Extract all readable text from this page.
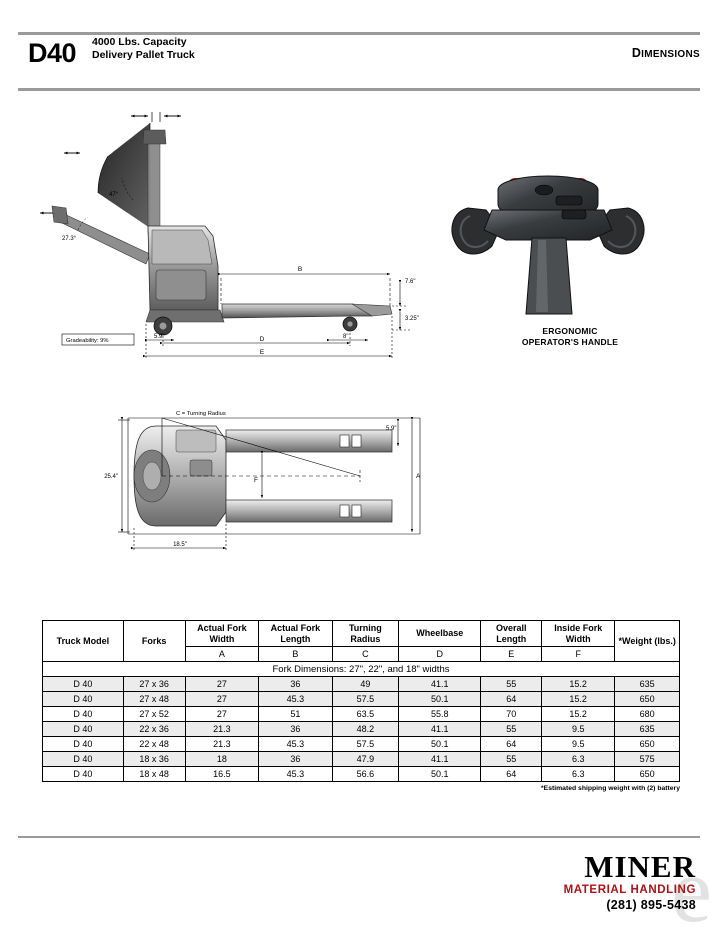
D40 4000 Lbs. Capacity
Delivery Pallet Truck	DIMENSIONS
47°
27.3°
B
7.6"
3.25"
D
E
5.9"	8"
Gradeability: 9%
C = Turning Radius
F
A
5.9"
25.4"
18.5"
ERGONOMIC
OPERATOR'S HANDLE
Truck Model	Forks	Actual Fork Width	Actual Fork Length	Turning Radius	Wheelbase	Overall Length	Inside Fork Width	*Weight (lbs.)
		A	B	C	D	E	F	
Fork Dimensions: 27", 22", and 18" widths								
D 40	27 x 36	27	36	49	41.1	55	15.2	635
D 40	27 x 48	27	45.3	57.5	50.1	64	15.2	650
D 40	27 x 52	27	51	63.5	55.8	70	15.2	680
D 40	22 x 36	21.3	36	48.2	41.1	55	9.5	635
D 40	22 x 48	21.3	45.3	57.5	50.1	64	9.5	650
D 40	18 x 36	18	36	47.9	41.1	55	6.3	575
D 40	18 x 48	16.5	45.3	56.6	50.1	64	6.3	650
*Estimated shipping weight with (2) battery
e
MINER
MATERIAL HANDLING
(281) 895-5438
